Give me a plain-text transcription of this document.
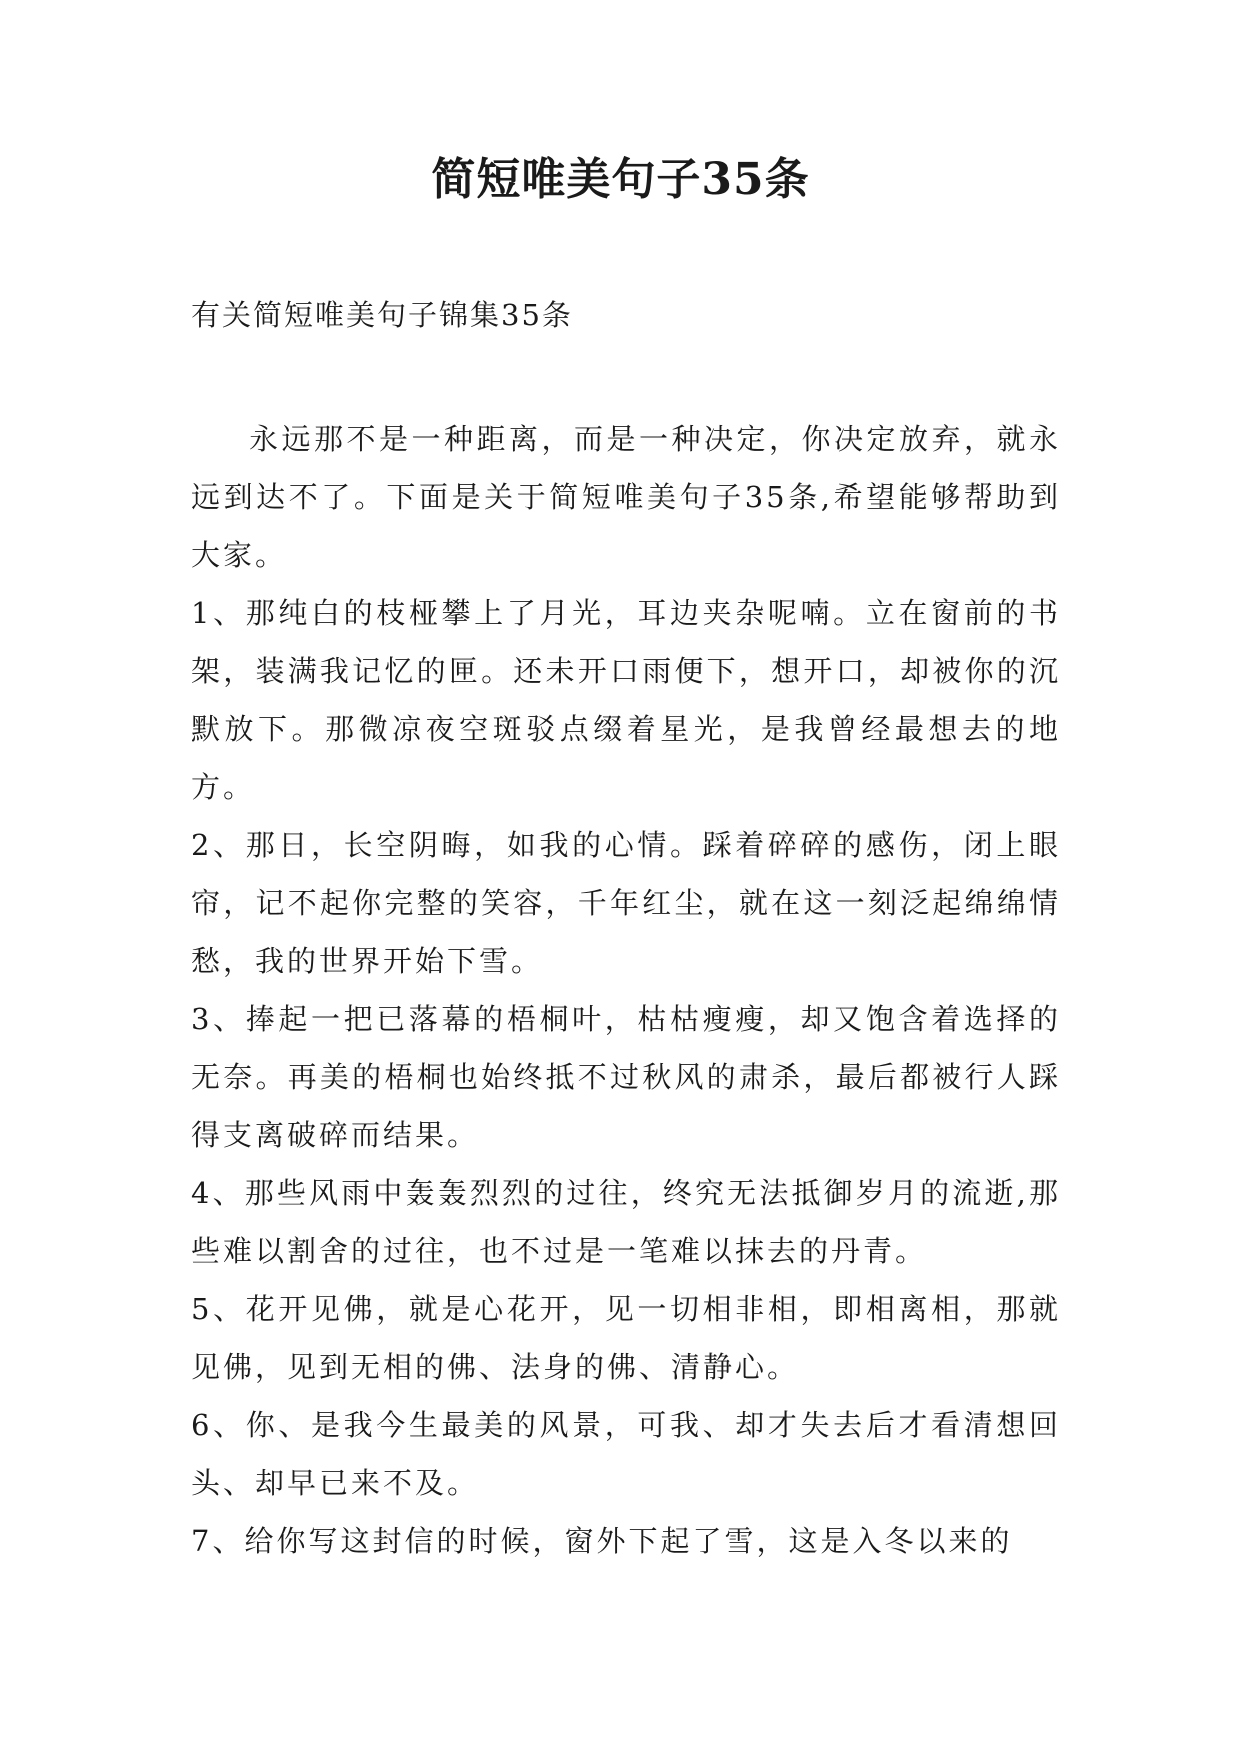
简短唯美句子35条

有关简短唯美句子锦集35条

永远那不是一种距离，而是一种决定，你决定放弃，就永远到达不了。下面是关于简短唯美句子35条,希望能够帮助到大家。

1、那纯白的枝桠攀上了月光，耳边夹杂呢喃。立在窗前的书架，装满我记忆的匣。还未开口雨便下，想开口，却被你的沉默放下。那微凉夜空斑驳点缀着星光，是我曾经最想去的地方。

2、那日，长空阴晦，如我的心情。踩着碎碎的感伤，闭上眼帘，记不起你完整的笑容，千年红尘，就在这一刻泛起绵绵情愁，我的世界开始下雪。

3、捧起一把已落幕的梧桐叶，枯枯瘦瘦，却又饱含着选择的无奈。再美的梧桐也始终抵不过秋风的肃杀，最后都被行人踩得支离破碎而结果。

4、那些风雨中轰轰烈烈的过往，终究无法抵御岁月的流逝,那些难以割舍的过往，也不过是一笔难以抹去的丹青。

5、花开见佛，就是心花开，见一切相非相，即相离相，那就见佛，见到无相的佛、法身的佛、清静心。

6、你、是我今生最美的风景，可我、却才失去后才看清想回头、却早已来不及。

7、给你写这封信的时候，窗外下起了雪，这是入冬以来的
